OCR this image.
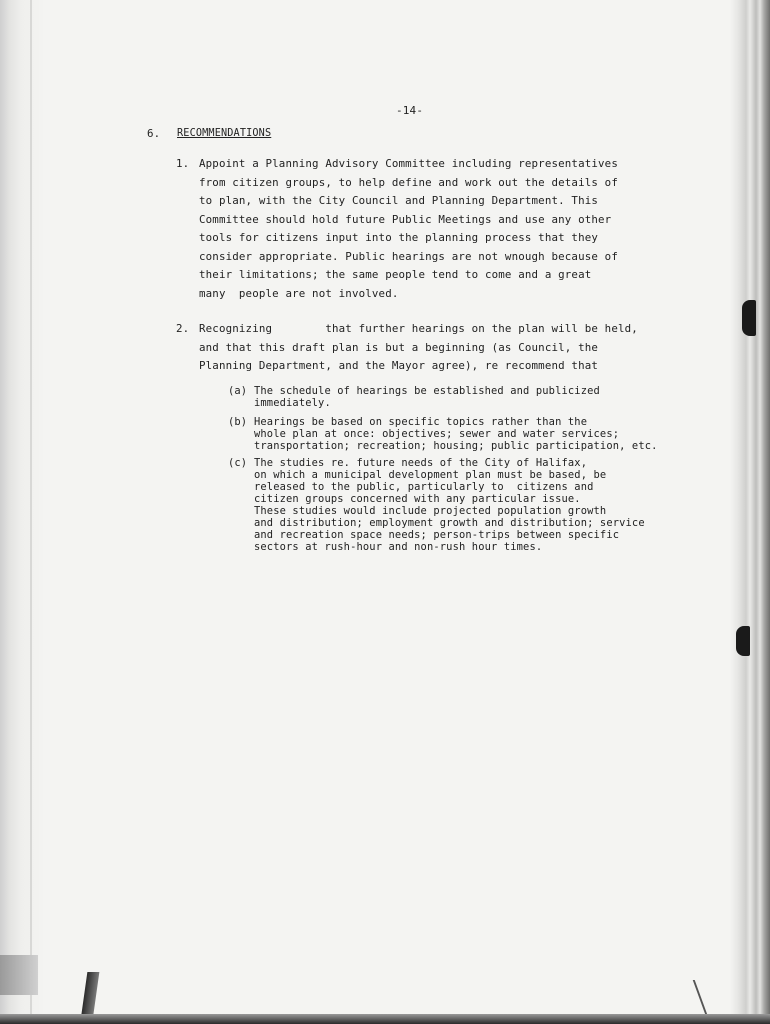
-14-
6. RECOMMENDATIONS
1. Appoint a Planning Advisory Committee including representatives
from citizen groups, to help define and work out the details of
to plan, with the City Council and Planning Department. This
Committee should hold future Public Meetings and use any other
tools for citizens input into the planning process that they
consider appropriate. Public hearings are not wnough because of
their limitations; the same people tend to come and a great
many  people are not involved.
2. Recognizing        that further hearings on the plan will be held,
and that this draft plan is but a beginning (as Council, the
Planning Department, and the Mayor agree), re recommend that
(a) The schedule of hearings be established and publicized
immediately.
(b) Hearings be based on specific topics rather than the
whole plan at once: objectives; sewer and water services;
transportation; recreation; housing; public participation, etc.
(c) The studies re. future needs of the City of Halifax,
on which a municipal development plan must be based, be
released to the public, particularly to  citizens and
citizen groups concerned with any particular issue.
These studies would include projected population growth
and distribution; employment growth and distribution; service
and recreation space needs; person-trips between specific
sectors at rush-hour and non-rush hour times.
